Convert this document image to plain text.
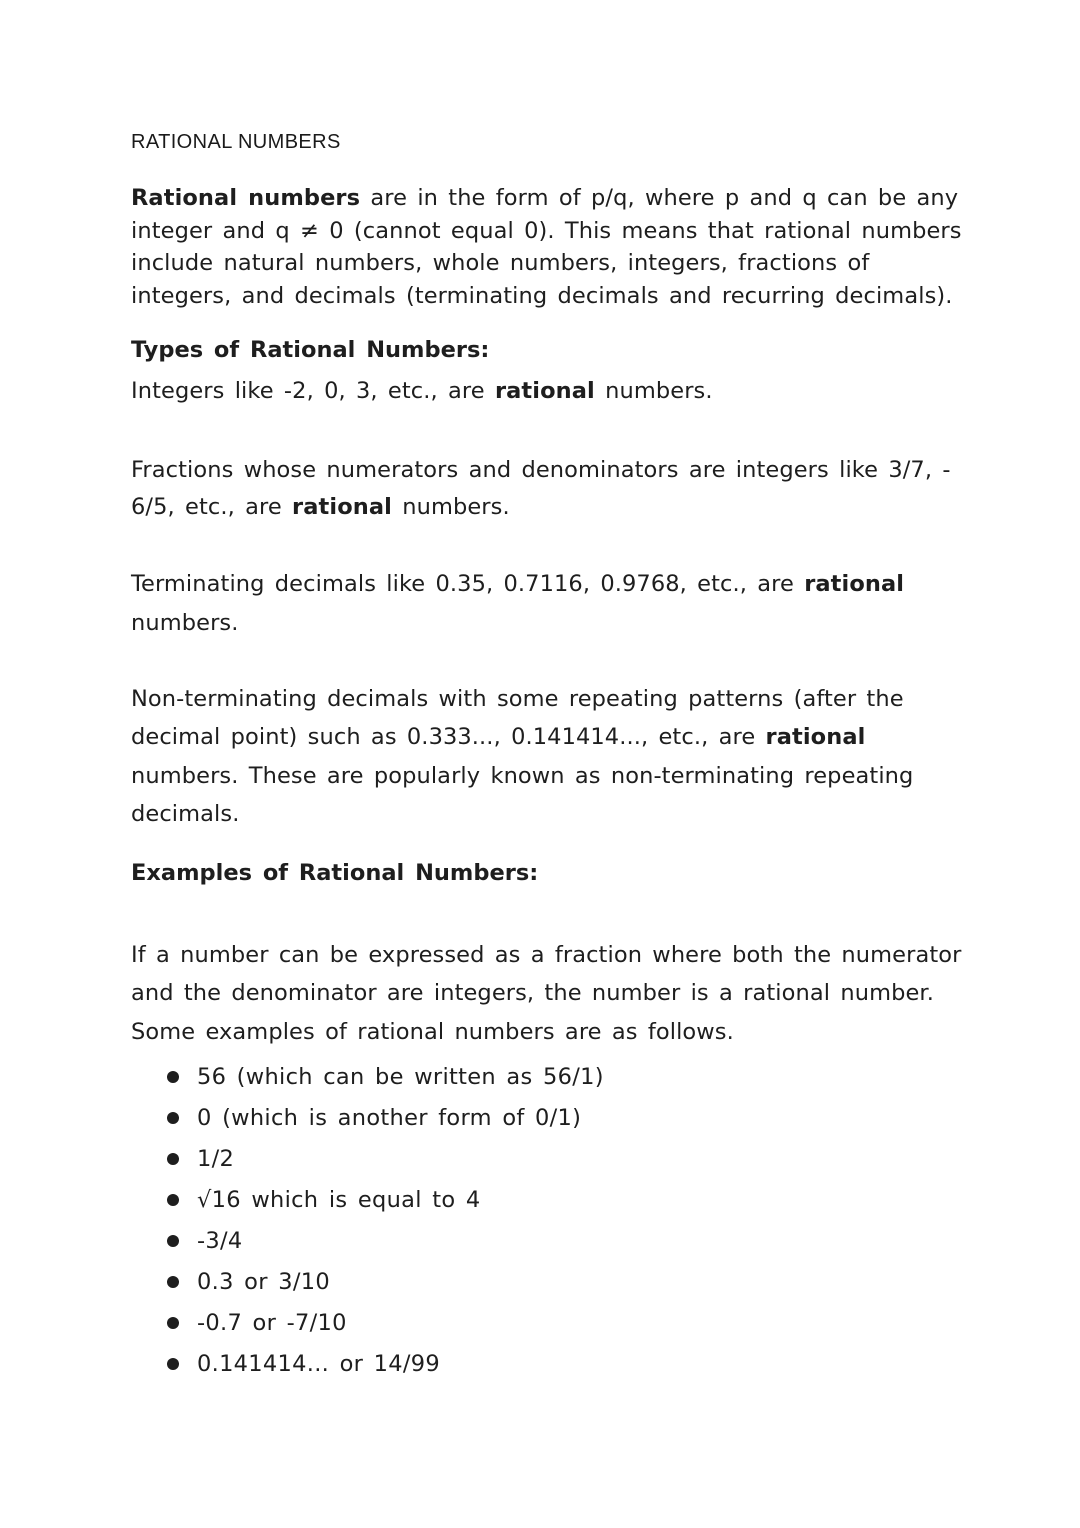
RATIONAL NUMBERS
Rational numbers are in the form of p/q, where p and q can be any
integer and q ≠ 0 (cannot equal 0). This means that rational numbers
include natural numbers, whole numbers, integers, fractions of
integers, and decimals (terminating decimals and recurring decimals).
Types of Rational Numbers:
Integers like -2, 0, 3, etc., are rational numbers.
Fractions whose numerators and denominators are integers like 3/7, -
6/5, etc., are rational numbers.
Terminating decimals like 0.35, 0.7116, 0.9768, etc., are rational
numbers.
Non-terminating decimals with some repeating patterns (after the
decimal point) such as 0.333..., 0.141414..., etc., are rational
numbers. These are popularly known as non-terminating repeating
decimals.
Examples of Rational Numbers:
If a number can be expressed as a fraction where both the numerator
and the denominator are integers, the number is a rational number.
Some examples of rational numbers are as follows.
56 (which can be written as 56/1)
0 (which is another form of 0/1)
1/2
√16 which is equal to 4
-3/4
0.3 or 3/10
-0.7 or -7/10
0.141414... or 14/99
